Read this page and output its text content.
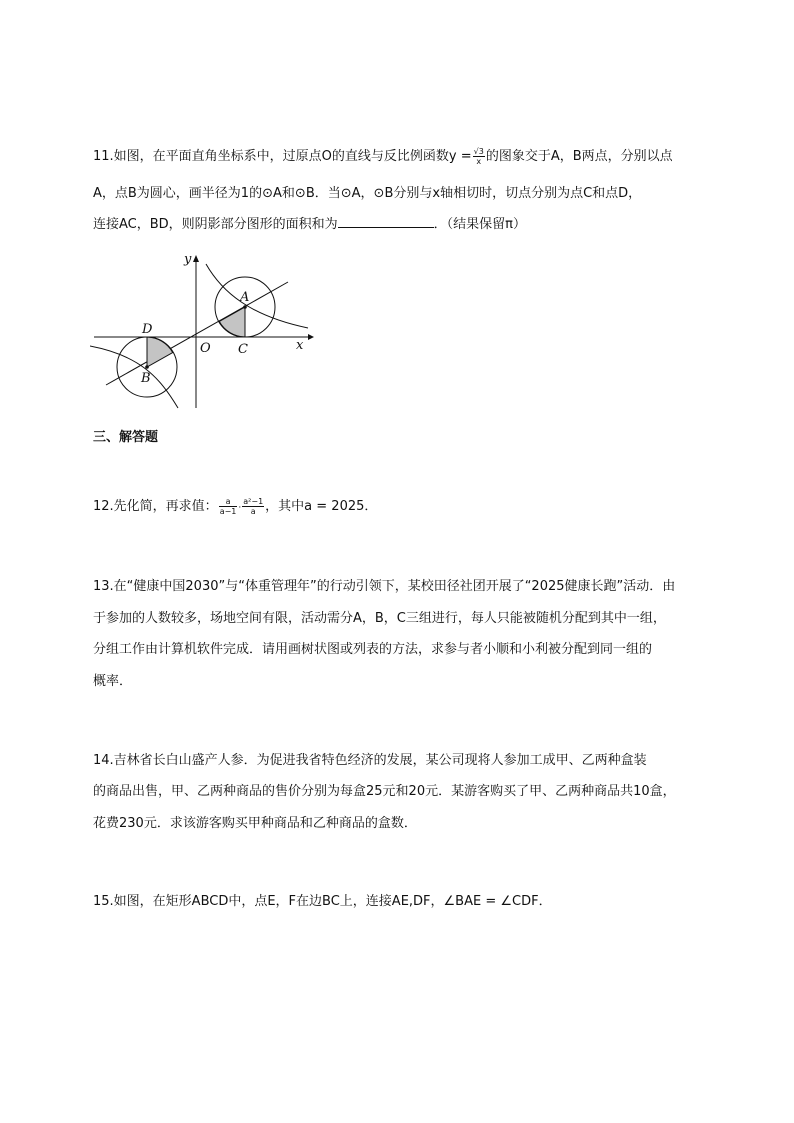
11.如图，在平面直角坐标系中，过原点O的直线与反比例函数$y = \frac{√3}{x}$ 的图象交于A，B两点，分别以点
A，点B为圆心，画半径为1的⊙A和⊙B．当⊙A，⊙B分别与x轴相切时，切点分别为点C和点D，
连接AC，BD，则阴影部分图形的面积和为	．（结果保留π）
y
x
O
A
B
C
D
三、解答题
12.先化简，再求值： $\frac{a}{a-1} \cdot \frac{\text{a²−1}}{a}$ ，其中a = 2025．
13.在“健康中国2030”与“体重管理年”的行动引领下，某校田径社团开展了“2025健康长跑”活动．由
于参加的人数较多，场地空间有限，活动需分A，B，C三组进行，每人只能被随机分配到其中一组，
分组工作由计算机软件完成．请用画树状图或列表的方法，求参与者小顺和小利被分配到同一组的
概率．
14.吉林省长白山盛产人参．为促进我省特色经济的发展，某公司现将人参加工成甲、乙两种盒装
的商品出售，甲、乙两种商品的售价分别为每盒25元和20元．某游客购买了甲、乙两种商品共10盒，
花费230元．求该游客购买甲种商品和乙种商品的盒数．
15.如图，在矩形ABCD中，点E，F在边BC上，连接AE,DF，∠BAE = ∠CDF．
